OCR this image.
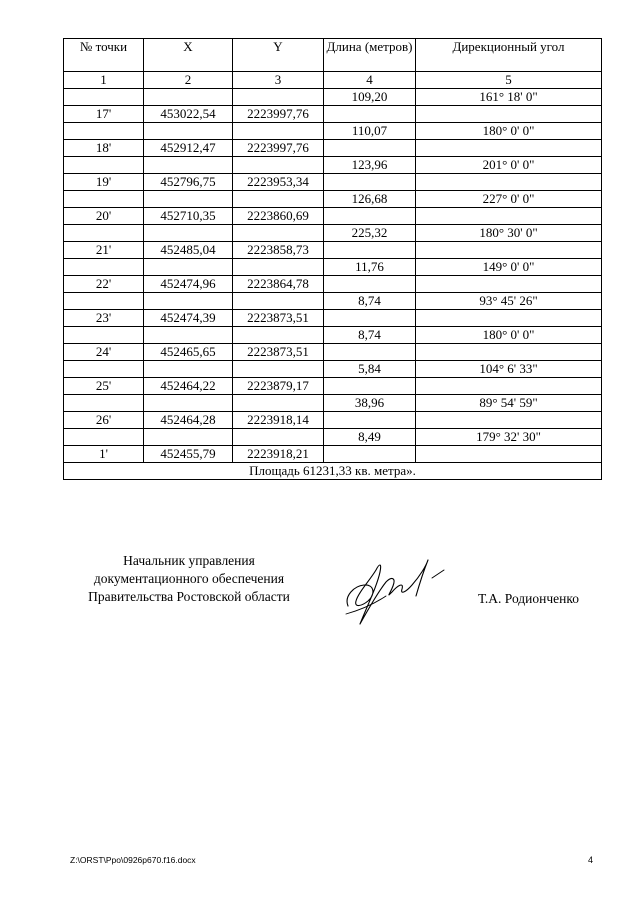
№ точки	X	Y	Длина (метров)	Дирекционный угол
1	2	3	4	5
			109,20	161° 18' 0"
17'	453022,54	2223997,76		
			110,07	180° 0' 0"
18'	452912,47	2223997,76		
			123,96	201° 0' 0"
19'	452796,75	2223953,34		
			126,68	227° 0' 0"
20'	452710,35	2223860,69		
			225,32	180° 30' 0"
21'	452485,04	2223858,73		
			11,76	149° 0' 0"
22'	452474,96	2223864,78		
			8,74	93° 45' 26"
23'	452474,39	2223873,51		
			8,74	180° 0' 0"
24'	452465,65	2223873,51		
			5,84	104° 6' 33"
25'	452464,22	2223879,17		
			38,96	89° 54' 59"
26'	452464,28	2223918,14		
			8,49	179° 32' 30"
1'	452455,79	2223918,21		
Площадь 61231,33 кв. метра».				
Начальник управления
документационного обеспечения
Правительства Ростовской области	Т.А. Родионченко
Z:\ORST\Ppo\0926p670.f16.docx	4
